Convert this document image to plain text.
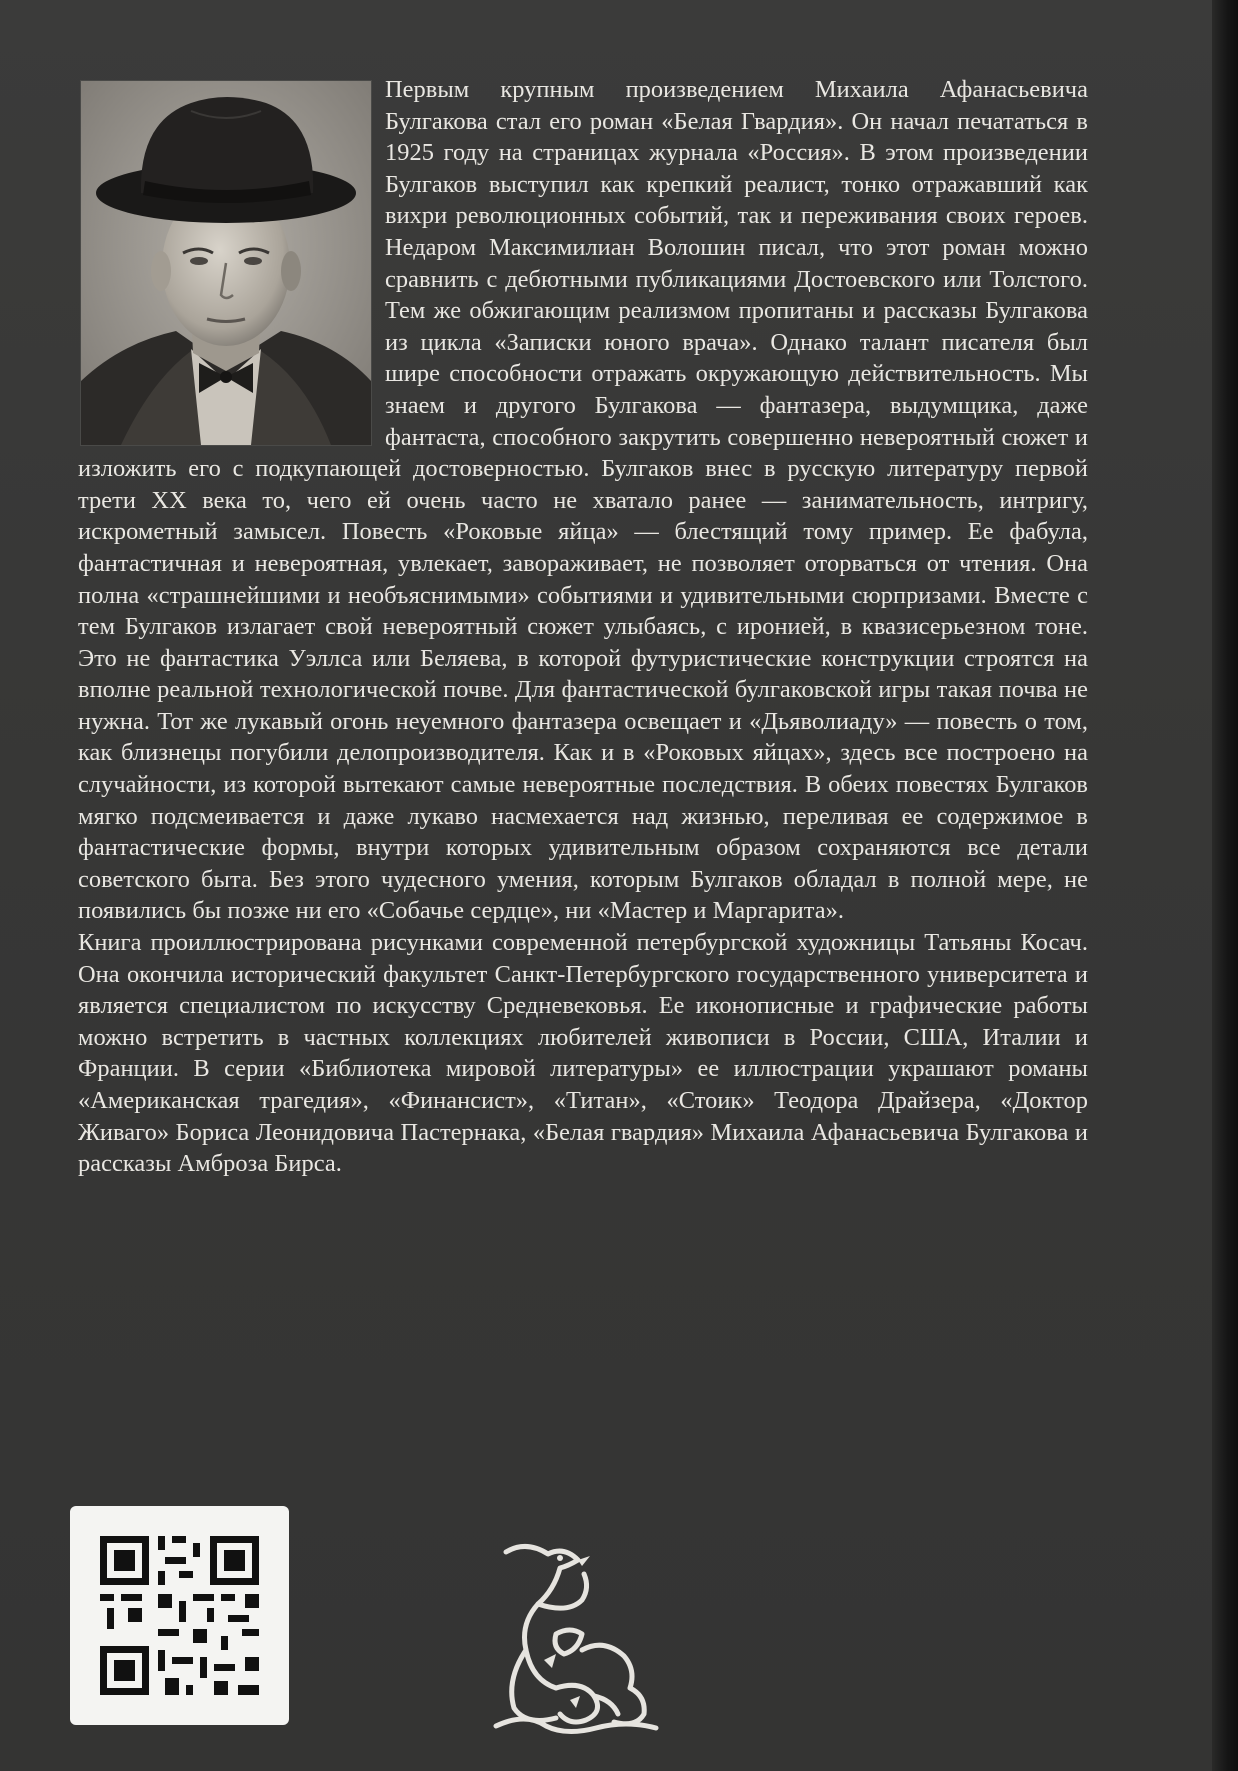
Первым крупным произведением Михаила Афанасьевича Булгакова стал его роман «Белая Гвардия». Он начал печататься в 1925 году на страницах журнала «Россия». В этом произведении Булгаков выступил как крепкий реалист, тонко отражавший как вихри революционных событий, так и переживания своих героев. Недаром Максимилиан Волошин писал, что этот роман можно сравнить с дебютными публикациями Достоевского или Толстого. Тем же обжигающим реализмом пропитаны и рассказы Булгакова из цикла «Записки юного врача». Однако талант писателя был шире способности отражать окружающую действительность. Мы знаем и другого Булгакова — фантазера, выдумщика, даже фантаста, способного закрутить совершенно невероятный сюжет и изложить его с подкупающей достоверностью. Булгаков внес в русскую литературу первой трети XX века то, чего ей очень часто не хватало ранее — занимательность, интригу, искрометный замысел. Повесть «Роковые яйца» — блестящий тому пример. Ее фабула, фантастичная и невероятная, увлекает, завораживает, не позволяет оторваться от чтения. Она полна «страшнейшими и необъяснимыми» событиями и удивительными сюрпризами. Вместе с тем Булгаков излагает свой невероятный сюжет улыбаясь, с иронией, в квазисерьезном тоне. Это не фантастика Уэллса или Беляева, в которой футуристические конструкции строятся на вполне реальной технологической почве. Для фантастической булгаковской игры такая почва не нужна. Тот же лукавый огонь неуемного фантазера освещает и «Дьяволиаду» — повесть о том, как близнецы погубили делопроизводителя. Как и в «Роковых яйцах», здесь все построено на случайности, из которой вытекают самые невероятные последствия. В обеих повестях Булгаков мягко подсмеивается и даже лукаво насмехается над жизнью, переливая ее содержимое в фантастические формы, внутри которых удивительным образом сохраняются все детали советского быта. Без этого чудесного умения, которым Булгаков обладал в полной мере, не появились бы позже ни его «Собачье сердце», ни «Мастер и Маргарита».

Книга проиллюстрирована рисунками современной петербургской художницы Татьяны Косач. Она окончила исторический факультет Санкт-Петербургского государственного университета и является специалистом по искусству Средневековья. Ее иконописные и графические работы можно встретить в частных коллекциях любителей живописи в России, США, Италии и Франции. В серии «Библиотека мировой литературы» ее иллюстрации украшают романы «Американская трагедия», «Финансист», «Титан», «Стоик» Теодора Драйзера, «Доктор Живаго» Бориса Леонидовича Пастернака, «Белая гвардия» Михаила Афанасьевича Булгакова и рассказы Амброза Бирса.
